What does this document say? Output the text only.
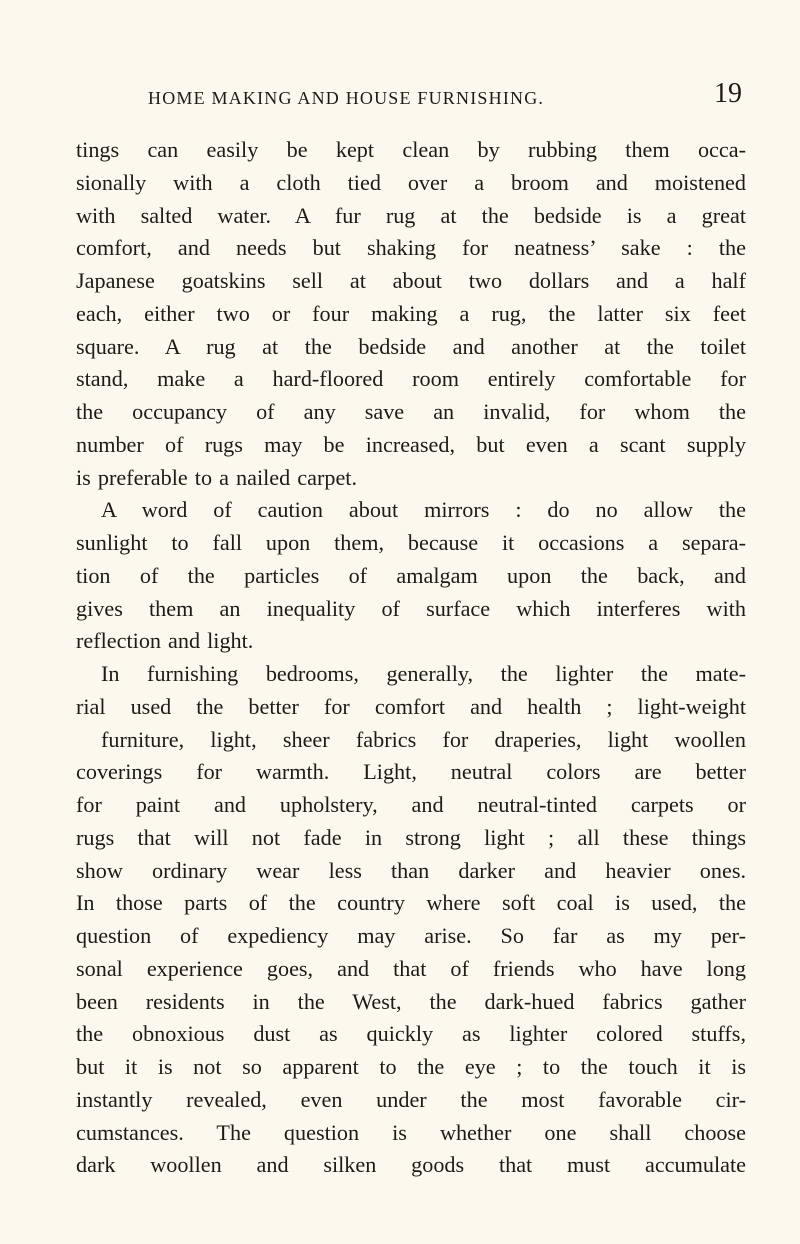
HOME MAKING AND HOUSE FURNISHING.	19
tings can easily be kept clean by rubbing them occa-
sionally with a cloth tied over a broom and moistened
with salted water. A fur rug at the bedside is a great
comfort, and needs but shaking for neatness’ sake : the
Japanese goatskins sell at about two dollars and a half
each, either two or four making a rug, the latter six feet
square. A rug at the bedside and another at the toilet
stand, make a hard-floored room entirely comfortable for
the occupancy of any save an invalid, for whom the
number of rugs may be increased, but even a scant supply
is preferable to a nailed carpet.
A word of caution about mirrors : do no allow the
sunlight to fall upon them, because it occasions a separa-
tion of the particles of amalgam upon the back, and
gives them an inequality of surface which interferes with
reflection and light.
In furnishing bedrooms, generally, the lighter the mate-
rial used the better for comfort and health ; light-weight
furniture, light, sheer fabrics for draperies, light woollen
coverings for warmth. Light, neutral colors are better
for paint and upholstery, and neutral-tinted carpets or
rugs that will not fade in strong light ; all these things
show ordinary wear less than darker and heavier ones.
In those parts of the country where soft coal is used, the
question of expediency may arise. So far as my per-
sonal experience goes, and that of friends who have long
been residents in the West, the dark-hued fabrics gather
the obnoxious dust as quickly as lighter colored stuffs,
but it is not so apparent to the eye ; to the touch it is
instantly revealed, even under the most favorable cir-
cumstances. The question is whether one shall choose
dark woollen and silken goods that must accumulate
